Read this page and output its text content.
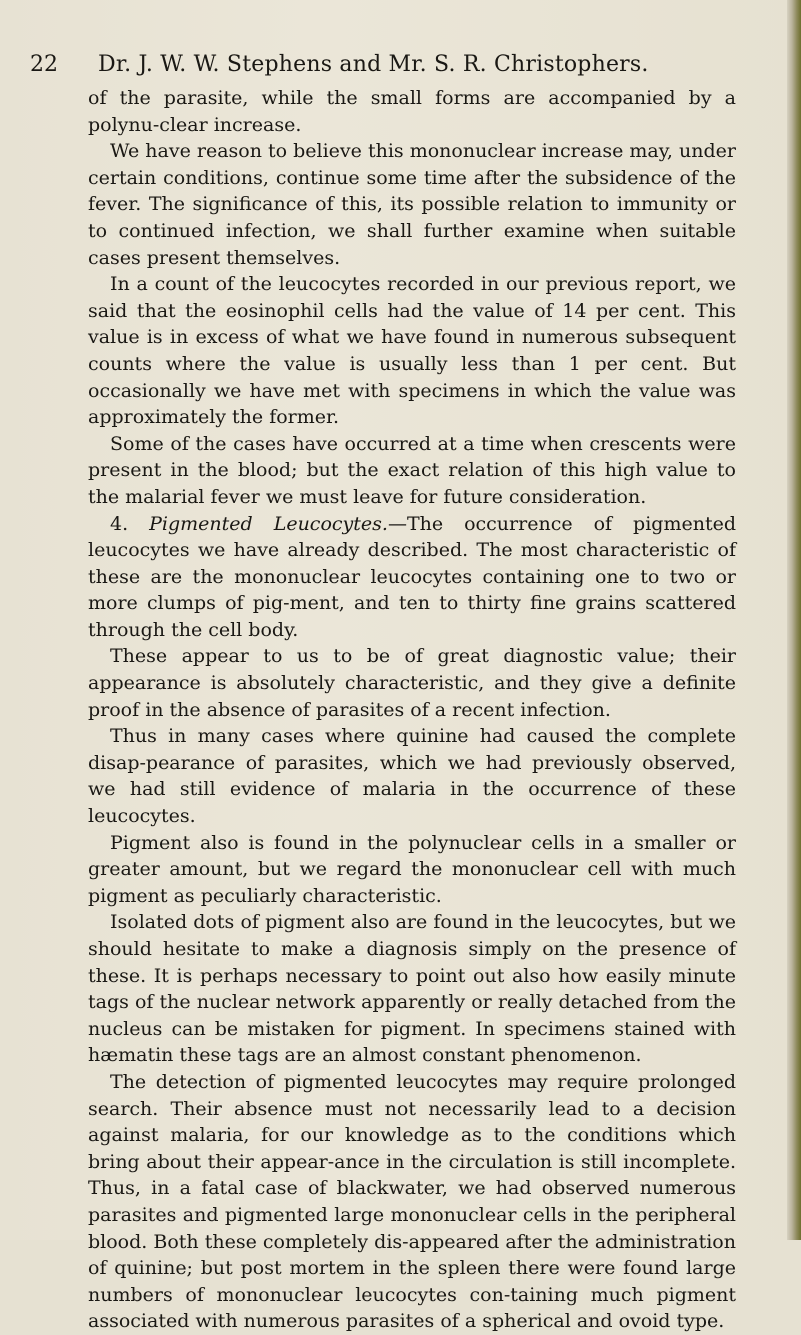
22 Dr. J. W. W. Stephens and Mr. S. R. Christophers.

of the parasite, while the small forms are accompanied by a polynu-clear increase.

We have reason to believe this mononuclear increase may, under certain conditions, continue some time after the subsidence of the fever. The significance of this, its possible relation to immunity or to continued infection, we shall further examine when suitable cases present themselves.

In a count of the leucocytes recorded in our previous report, we said that the eosinophil cells had the value of 14 per cent. This value is in excess of what we have found in numerous subsequent counts where the value is usually less than 1 per cent. But occasionally we have met with specimens in which the value was approximately the former.

Some of the cases have occurred at a time when crescents were present in the blood; but the exact relation of this high value to the malarial fever we must leave for future consideration.

4. Pigmented Leucocytes.—The occurrence of pigmented leucocytes we have already described. The most characteristic of these are the mononuclear leucocytes containing one to two or more clumps of pig-ment, and ten to thirty fine grains scattered through the cell body.

These appear to us to be of great diagnostic value; their appearance is absolutely characteristic, and they give a definite proof in the absence of parasites of a recent infection.

Thus in many cases where quinine had caused the complete disap-pearance of parasites, which we had previously observed, we had still evidence of malaria in the occurrence of these leucocytes.

Pigment also is found in the polynuclear cells in a smaller or greater amount, but we regard the mononuclear cell with much pigment as peculiarly characteristic.

Isolated dots of pigment also are found in the leucocytes, but we should hesitate to make a diagnosis simply on the presence of these. It is perhaps necessary to point out also how easily minute tags of the nuclear network apparently or really detached from the nucleus can be mistaken for pigment. In specimens stained with hæmatin these tags are an almost constant phenomenon.

The detection of pigmented leucocytes may require prolonged search. Their absence must not necessarily lead to a decision against malaria, for our knowledge as to the conditions which bring about their appear-ance in the circulation is still incomplete. Thus, in a fatal case of blackwater, we had observed numerous parasites and pigmented large mononuclear cells in the peripheral blood. Both these completely dis-appeared after the administration of quinine; but post mortem in the spleen there were found large numbers of mononuclear leucocytes con-taining much pigment associated with numerous parasites of a spherical and ovoid type.
